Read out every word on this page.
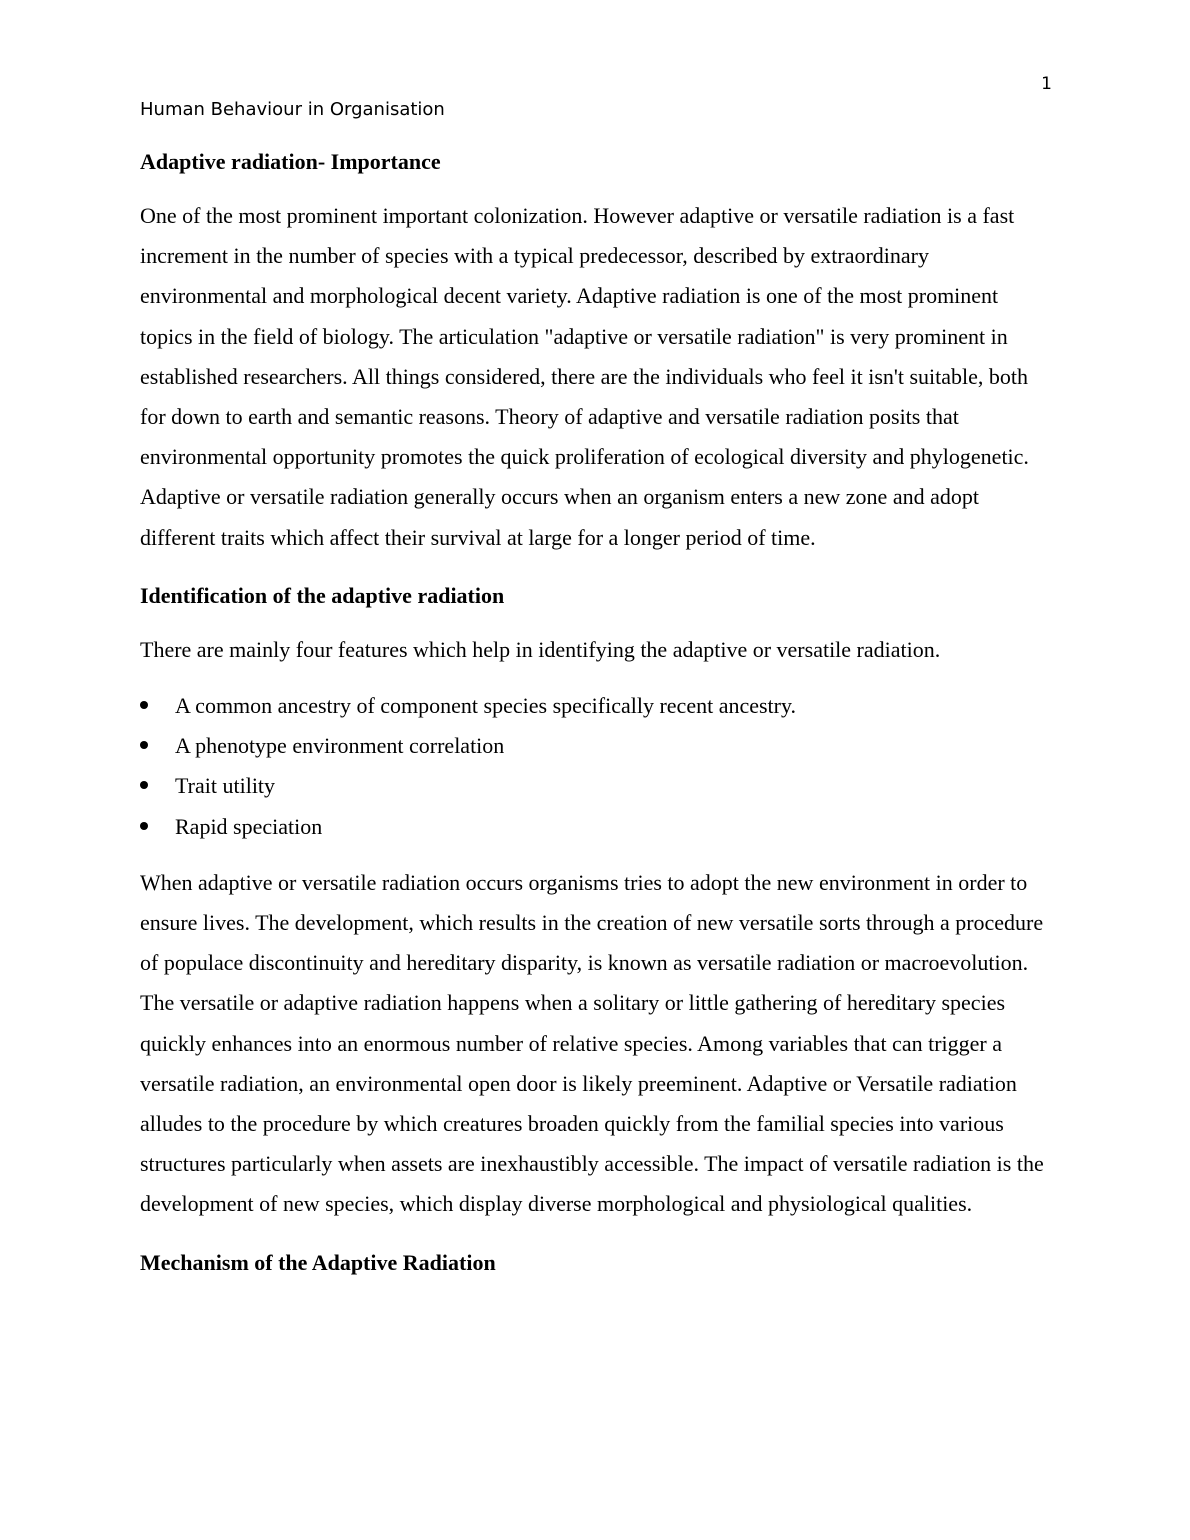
1
Human Behaviour in Organisation
Adaptive radiation- Importance

One of the most prominent important colonization. However adaptive or versatile radiation is a fast increment in the number of species with a typical predecessor, described by extraordinary environmental and morphological decent variety. Adaptive radiation is one of the most prominent topics in the field of biology. The articulation "adaptive or versatile radiation" is very prominent in established researchers. All things considered, there are the individuals who feel it isn't suitable, both for down to earth and semantic reasons. Theory of adaptive and versatile radiation posits that environmental opportunity promotes the quick proliferation of ecological diversity and phylogenetic. Adaptive or versatile radiation generally occurs when an organism enters a new zone and adopt different traits which affect their survival at large for a longer period of time.

Identification of the adaptive radiation

There are mainly four features which help in identifying the adaptive or versatile radiation.

A common ancestry of component species specifically recent ancestry.
A phenotype environment correlation
Trait utility
Rapid speciation

When adaptive or versatile radiation occurs organisms tries to adopt the new environment in order to ensure lives. The development, which results in the creation of new versatile sorts through a procedure of populace discontinuity and hereditary disparity, is known as versatile radiation or macroevolution. The versatile or adaptive radiation happens when a solitary or little gathering of hereditary species quickly enhances into an enormous number of relative species. Among variables that can trigger a versatile radiation, an environmental open door is likely preeminent. Adaptive or Versatile radiation alludes to the procedure by which creatures broaden quickly from the familial species into various structures particularly when assets are inexhaustibly accessible. The impact of versatile radiation is the development of new species, which display diverse morphological and physiological qualities.

Mechanism of the Adaptive Radiation
